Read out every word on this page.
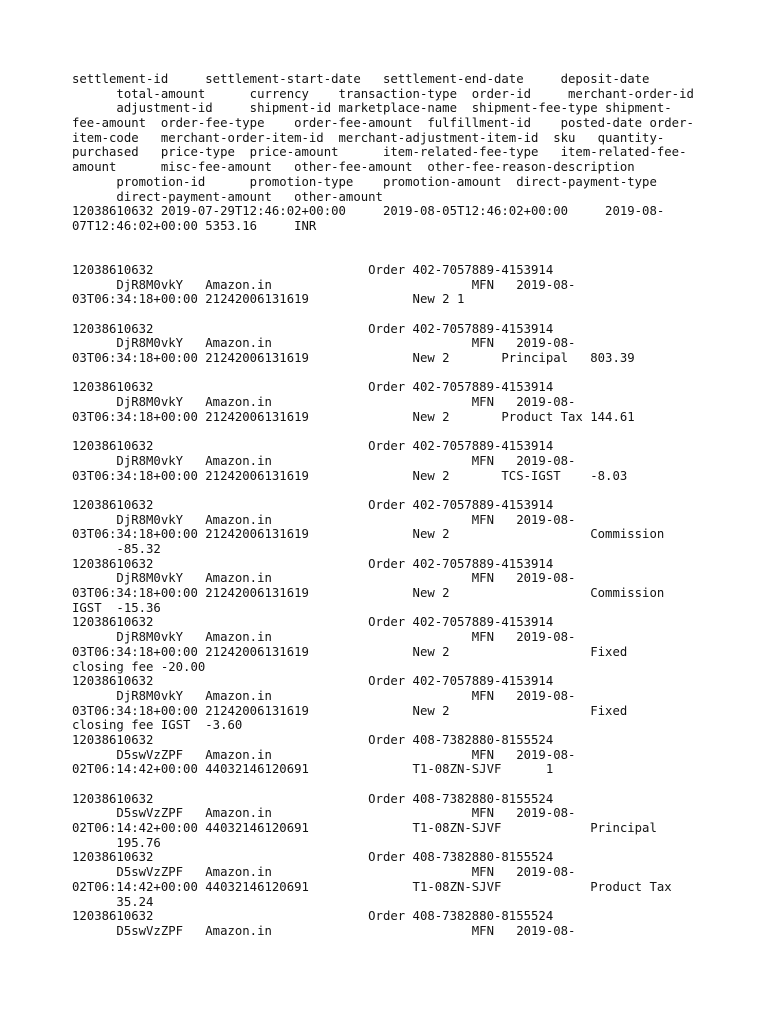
settlement-id     settlement-start-date   settlement-end-date     deposit-date
total-amount      currency    transaction-type  order-id     merchant-order-id
adjustment-id     shipment-id marketplace-name  shipment-fee-type shipment-
fee-amount  order-fee-type    order-fee-amount  fulfillment-id    posted-date order-
item-code   merchant-order-item-id  merchant-adjustment-item-id  sku   quantity-
purchased   price-type  price-amount      item-related-fee-type   item-related-fee-
amount      misc-fee-amount   other-fee-amount  other-fee-reason-description
promotion-id      promotion-type    promotion-amount  direct-payment-type
direct-payment-amount   other-amount
12038610632 2019-07-29T12:46:02+00:00     2019-08-05T12:46:02+00:00     2019-08-
07T12:46:02+00:00 5353.16     INR

12038610632                             Order 402-7057889-4153914
DjR8M0vkY   Amazon.in                           MFN   2019-08-
03T06:34:18+00:00 21242006131619              New 2 1

12038610632                             Order 402-7057889-4153914
DjR8M0vkY   Amazon.in                           MFN   2019-08-
03T06:34:18+00:00 21242006131619              New 2       Principal   803.39

12038610632                             Order 402-7057889-4153914
DjR8M0vkY   Amazon.in                           MFN   2019-08-
03T06:34:18+00:00 21242006131619              New 2       Product Tax 144.61

12038610632                             Order 402-7057889-4153914
DjR8M0vkY   Amazon.in                           MFN   2019-08-
03T06:34:18+00:00 21242006131619              New 2       TCS-IGST    -8.03

12038610632                             Order 402-7057889-4153914
DjR8M0vkY   Amazon.in                           MFN   2019-08-
03T06:34:18+00:00 21242006131619              New 2                   Commission
-85.32
12038610632                             Order 402-7057889-4153914
DjR8M0vkY   Amazon.in                           MFN   2019-08-
03T06:34:18+00:00 21242006131619              New 2                   Commission
IGST  -15.36
12038610632                             Order 402-7057889-4153914
DjR8M0vkY   Amazon.in                           MFN   2019-08-
03T06:34:18+00:00 21242006131619              New 2                   Fixed
closing fee -20.00
12038610632                             Order 402-7057889-4153914
DjR8M0vkY   Amazon.in                           MFN   2019-08-
03T06:34:18+00:00 21242006131619              New 2                   Fixed
closing fee IGST  -3.60
12038610632                             Order 408-7382880-8155524
D5swVzZPF   Amazon.in                           MFN   2019-08-
02T06:14:42+00:00 44032146120691              T1-08ZN-SJVF      1

12038610632                             Order 408-7382880-8155524
D5swVzZPF   Amazon.in                           MFN   2019-08-
02T06:14:42+00:00 44032146120691              T1-08ZN-SJVF            Principal
195.76
12038610632                             Order 408-7382880-8155524
D5swVzZPF   Amazon.in                           MFN   2019-08-
02T06:14:42+00:00 44032146120691              T1-08ZN-SJVF            Product Tax
35.24
12038610632                             Order 408-7382880-8155524
D5swVzZPF   Amazon.in                           MFN   2019-08-
